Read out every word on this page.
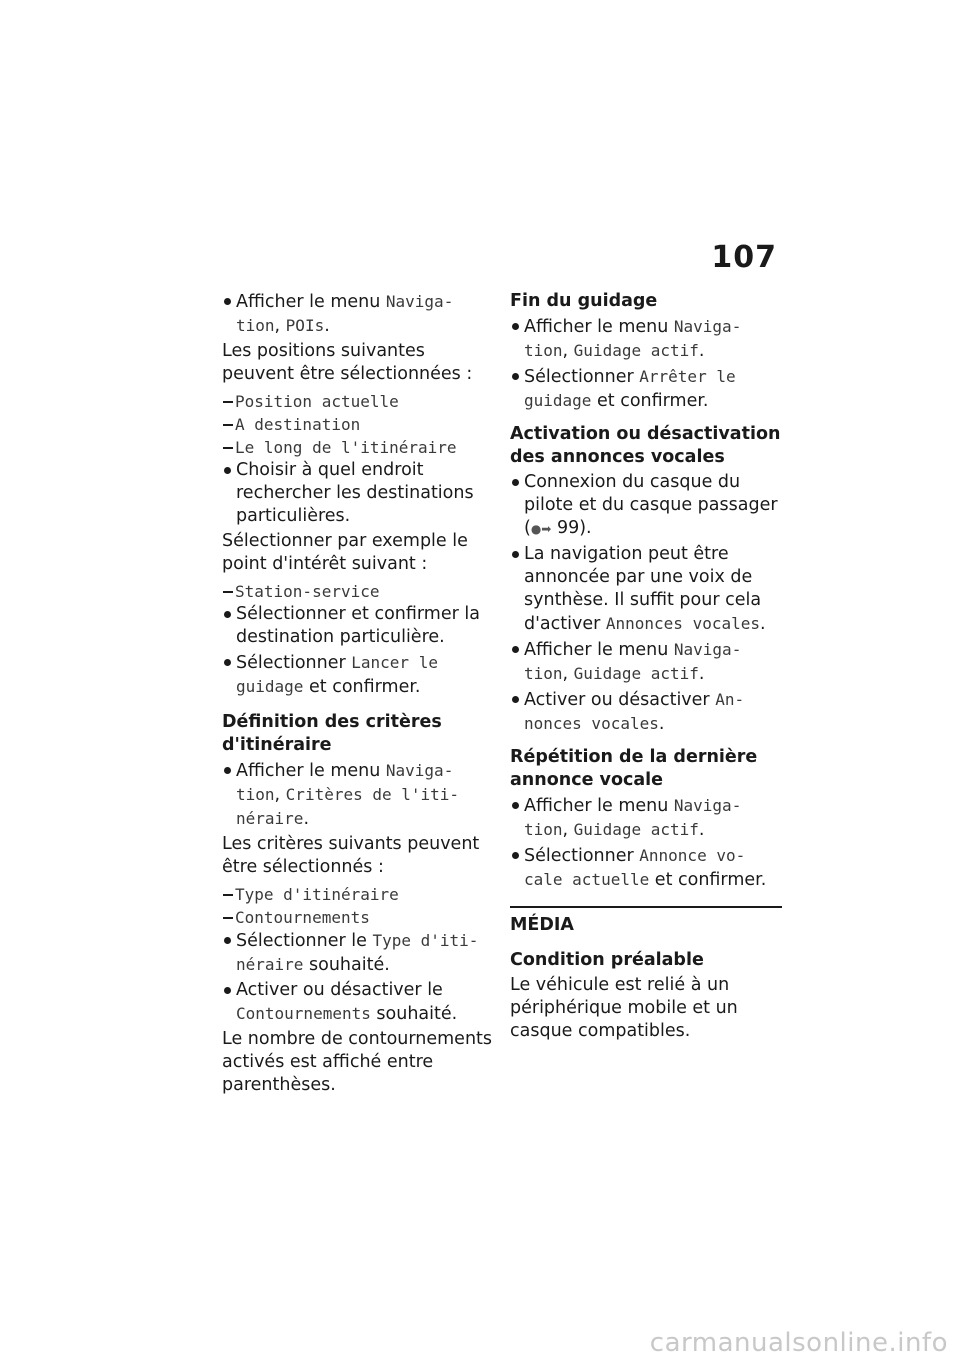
107
Afficher le menu Naviga-tion, POIs.
Les positions suivantes peuvent être sélectionnées :
Position actuelle
A destination
Le long de l'itinéraire
Choisir à quel endroit rechercher les destinations particulières.
Sélectionner par exemple le point d'intérêt suivant :
Station-service
Sélectionner et confirmer la destination particulière.
Sélectionner Lancer le guidage et confirmer.
Définition des critères d'itinéraire
Afficher le menu Naviga-tion, Critères de l'iti-néraire.
Les critères suivants peuvent être sélectionnés :
Type d'itinéraire
Contournements
Sélectionner le Type d'iti-néraire souhaité.
Activer ou désactiver le Contournements souhaité.
Le nombre de contournements activés est affiché entre parenthèses.
Fin du guidage
Afficher le menu Naviga-tion, Guidage actif.
Sélectionner Arrêter le guidage et confirmer.
Activation ou désactivation des annonces vocales
Connexion du casque du pilote et du casque passager (●➡ 99).
La navigation peut être annoncée par une voix de synthèse. Il suffit pour cela d'activer Annonces vocales.
Afficher le menu Naviga-tion, Guidage actif.
Activer ou désactiver An-nonces vocales.
Répétition de la dernière annonce vocale
Afficher le menu Naviga-tion, Guidage actif.
Sélectionner Annonce vo-cale actuelle et confirmer.
MÉDIA
Condition préalable
Le véhicule est relié à un périphérique mobile et un casque compatibles.
carmanualsonline.info
